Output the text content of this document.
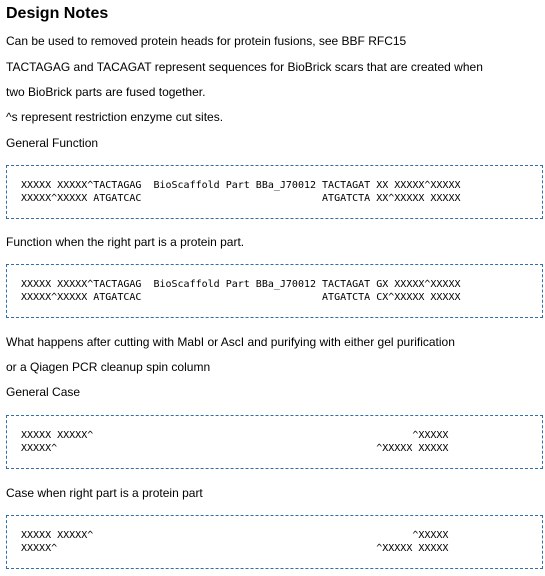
Design Notes

Can be used to removed protein heads for protein fusions, see BBF RFC15

TACTAGAG and TACAGAT represent sequences for BioBrick scars that are created when

two BioBrick parts are fused together.

^s represent restriction enzyme cut sites.

General Function

XXXXX XXXXX^TACTAGAG  BioScaffold Part BBa_J70012 TACTAGAT XX XXXXX^XXXXX
XXXXX^XXXXX ATGATCAC                              ATGATCTA XX^XXXXX XXXXX

Function when the right part is a protein part.

XXXXX XXXXX^TACTAGAG  BioScaffold Part BBa_J70012 TACTAGAT GX XXXXX^XXXXX
XXXXX^XXXXX ATGATCAC                              ATGATCTA CX^XXXXX XXXXX

What happens after cutting with MabI or AscI and purifying with either gel purification

or a Qiagen PCR cleanup spin column

General Case

XXXXX XXXXX^                                                     ^XXXXX
XXXXX^                                                     ^XXXXX XXXXX

Case when right part is a protein part

XXXXX XXXXX^                                                     ^XXXXX
XXXXX^                                                     ^XXXXX XXXXX
